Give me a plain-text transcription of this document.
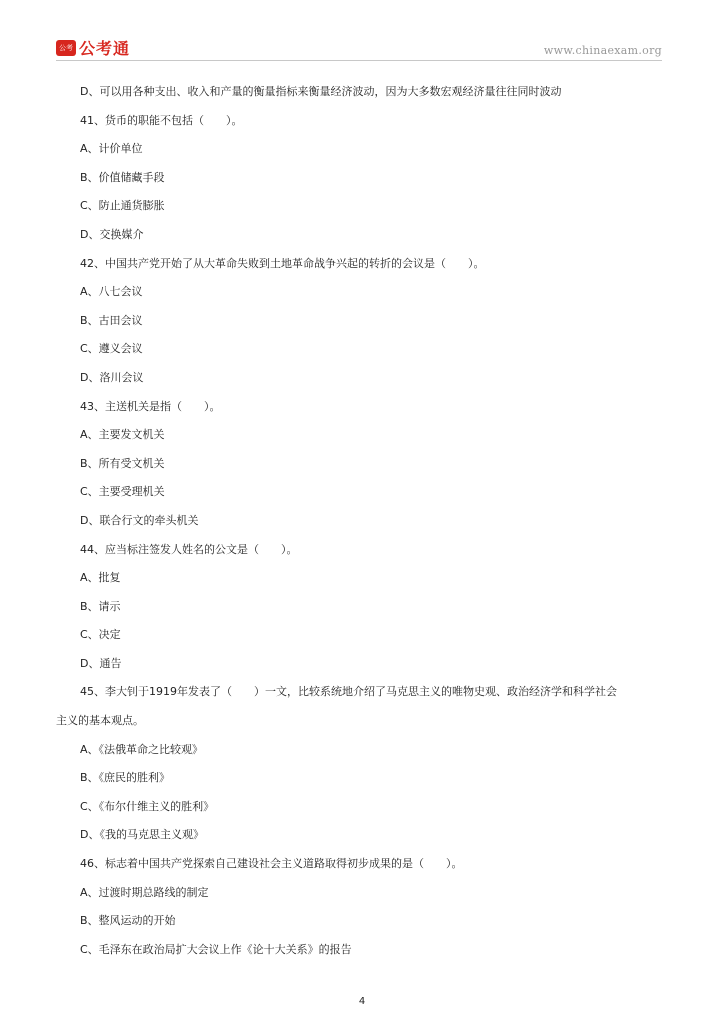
公考通
公考通	www.chinaexam.org
D、可以用各种支出、收入和产量的衡量指标来衡量经济波动，因为大多数宏观经济量往往同时波动
41、货币的职能不包括（　　）。
A、计价单位
B、价值储藏手段
C、防止通货膨胀
D、交换媒介
42、中国共产党开始了从大革命失败到土地革命战争兴起的转折的会议是（　　）。
A、八七会议
B、古田会议
C、遵义会议
D、洛川会议
43、主送机关是指（　　）。
A、主要发文机关
B、所有受文机关
C、主要受理机关
D、联合行文的牵头机关
44、应当标注签发人姓名的公文是（　　）。
A、批复
B、请示
C、决定
D、通告
45、李大钊于1919年发表了（　　）一文，比较系统地介绍了马克思主义的唯物史观、政治经济学和科学社会
主义的基本观点。
A、《法俄革命之比较观》
B、《庶民的胜利》
C、《布尔什维主义的胜利》
D、《我的马克思主义观》
46、标志着中国共产党探索自己建设社会主义道路取得初步成果的是（　　）。
A、过渡时期总路线的制定
B、整风运动的开始
C、毛泽东在政治局扩大会议上作《论十大关系》的报告
4
